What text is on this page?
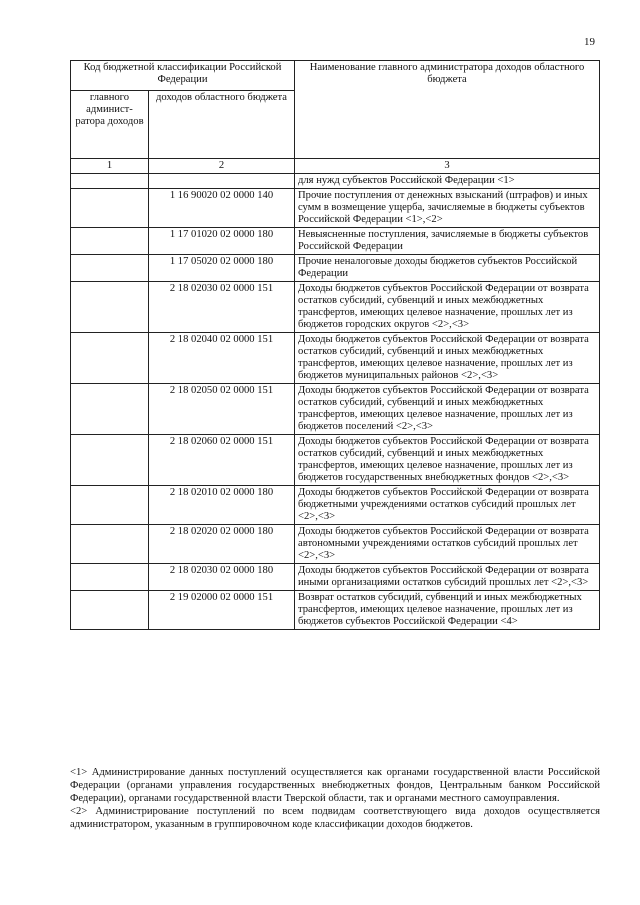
19
Код бюджетной классификации Российской Федерации		Наименование главного администратора доходов областного бюджета
главного админист-ратора доходов	доходов областного бюджета	
1	2	3
		для нужд субъектов Российской Федерации <1>
	1 16 90020 02 0000 140	Прочие поступления от денежных взысканий (штрафов) и иных сумм в возмещение ущерба, зачисляемые в бюджеты субъектов Российской Федерации <1>,<2>
	1 17 01020 02 0000 180	Невыясненные поступления, зачисляемые в бюджеты субъектов Российской Федерации
	1 17 05020 02 0000 180	Прочие неналоговые доходы бюджетов субъектов Российской Федерации
	2 18 02030 02 0000 151	Доходы бюджетов субъектов Российской Федерации от возврата остатков субсидий, субвенций и иных межбюджетных трансфертов, имеющих целевое назначение, прошлых лет из бюджетов городских округов <2>,<3>
	2 18 02040 02 0000 151	Доходы бюджетов субъектов Российской Федерации от возврата остатков субсидий, субвенций и иных межбюджетных трансфертов, имеющих целевое назначение, прошлых лет из бюджетов муниципальных районов <2>,<3>
	2 18 02050 02 0000 151	Доходы бюджетов субъектов Российской Федерации от возврата остатков субсидий, субвенций и иных межбюджетных трансфертов, имеющих целевое назначение, прошлых лет из бюджетов поселений <2>,<3>
	2 18 02060 02 0000 151	Доходы бюджетов субъектов Российской Федерации от возврата остатков субсидий, субвенций и иных межбюджетных трансфертов, имеющих целевое назначение, прошлых лет из бюджетов государственных внебюджетных фондов <2>,<3>
	2 18 02010 02 0000 180	Доходы бюджетов субъектов Российской Федерации от возврата бюджетными учреждениями остатков субсидий прошлых лет <2>,<3>
	2 18 02020 02 0000 180	Доходы бюджетов субъектов Российской Федерации от возврата автономными учреждениями остатков субсидий прошлых лет <2>,<3>
	2 18 02030 02 0000 180	Доходы бюджетов субъектов Российской Федерации от возврата иными организациями остатков субсидий прошлых лет <2>,<3>
	2 19 02000 02 0000 151	Возврат остатков субсидий, субвенций и иных межбюджетных трансфертов, имеющих целевое назначение, прошлых лет из бюджетов субъектов Российской Федерации <4>

<1> Администрирование данных поступлений осуществляется как органами государственной власти Российской Федерации (органами управления государственных внебюджетных фондов, Центральным банком Российской Федерации), органами государственной власти Тверской области, так и органами местного самоуправления.

<2> Администрирование поступлений по всем подвидам соответствующего вида доходов осуществляется администратором, указанным в группировочном коде классификации доходов бюджетов.
